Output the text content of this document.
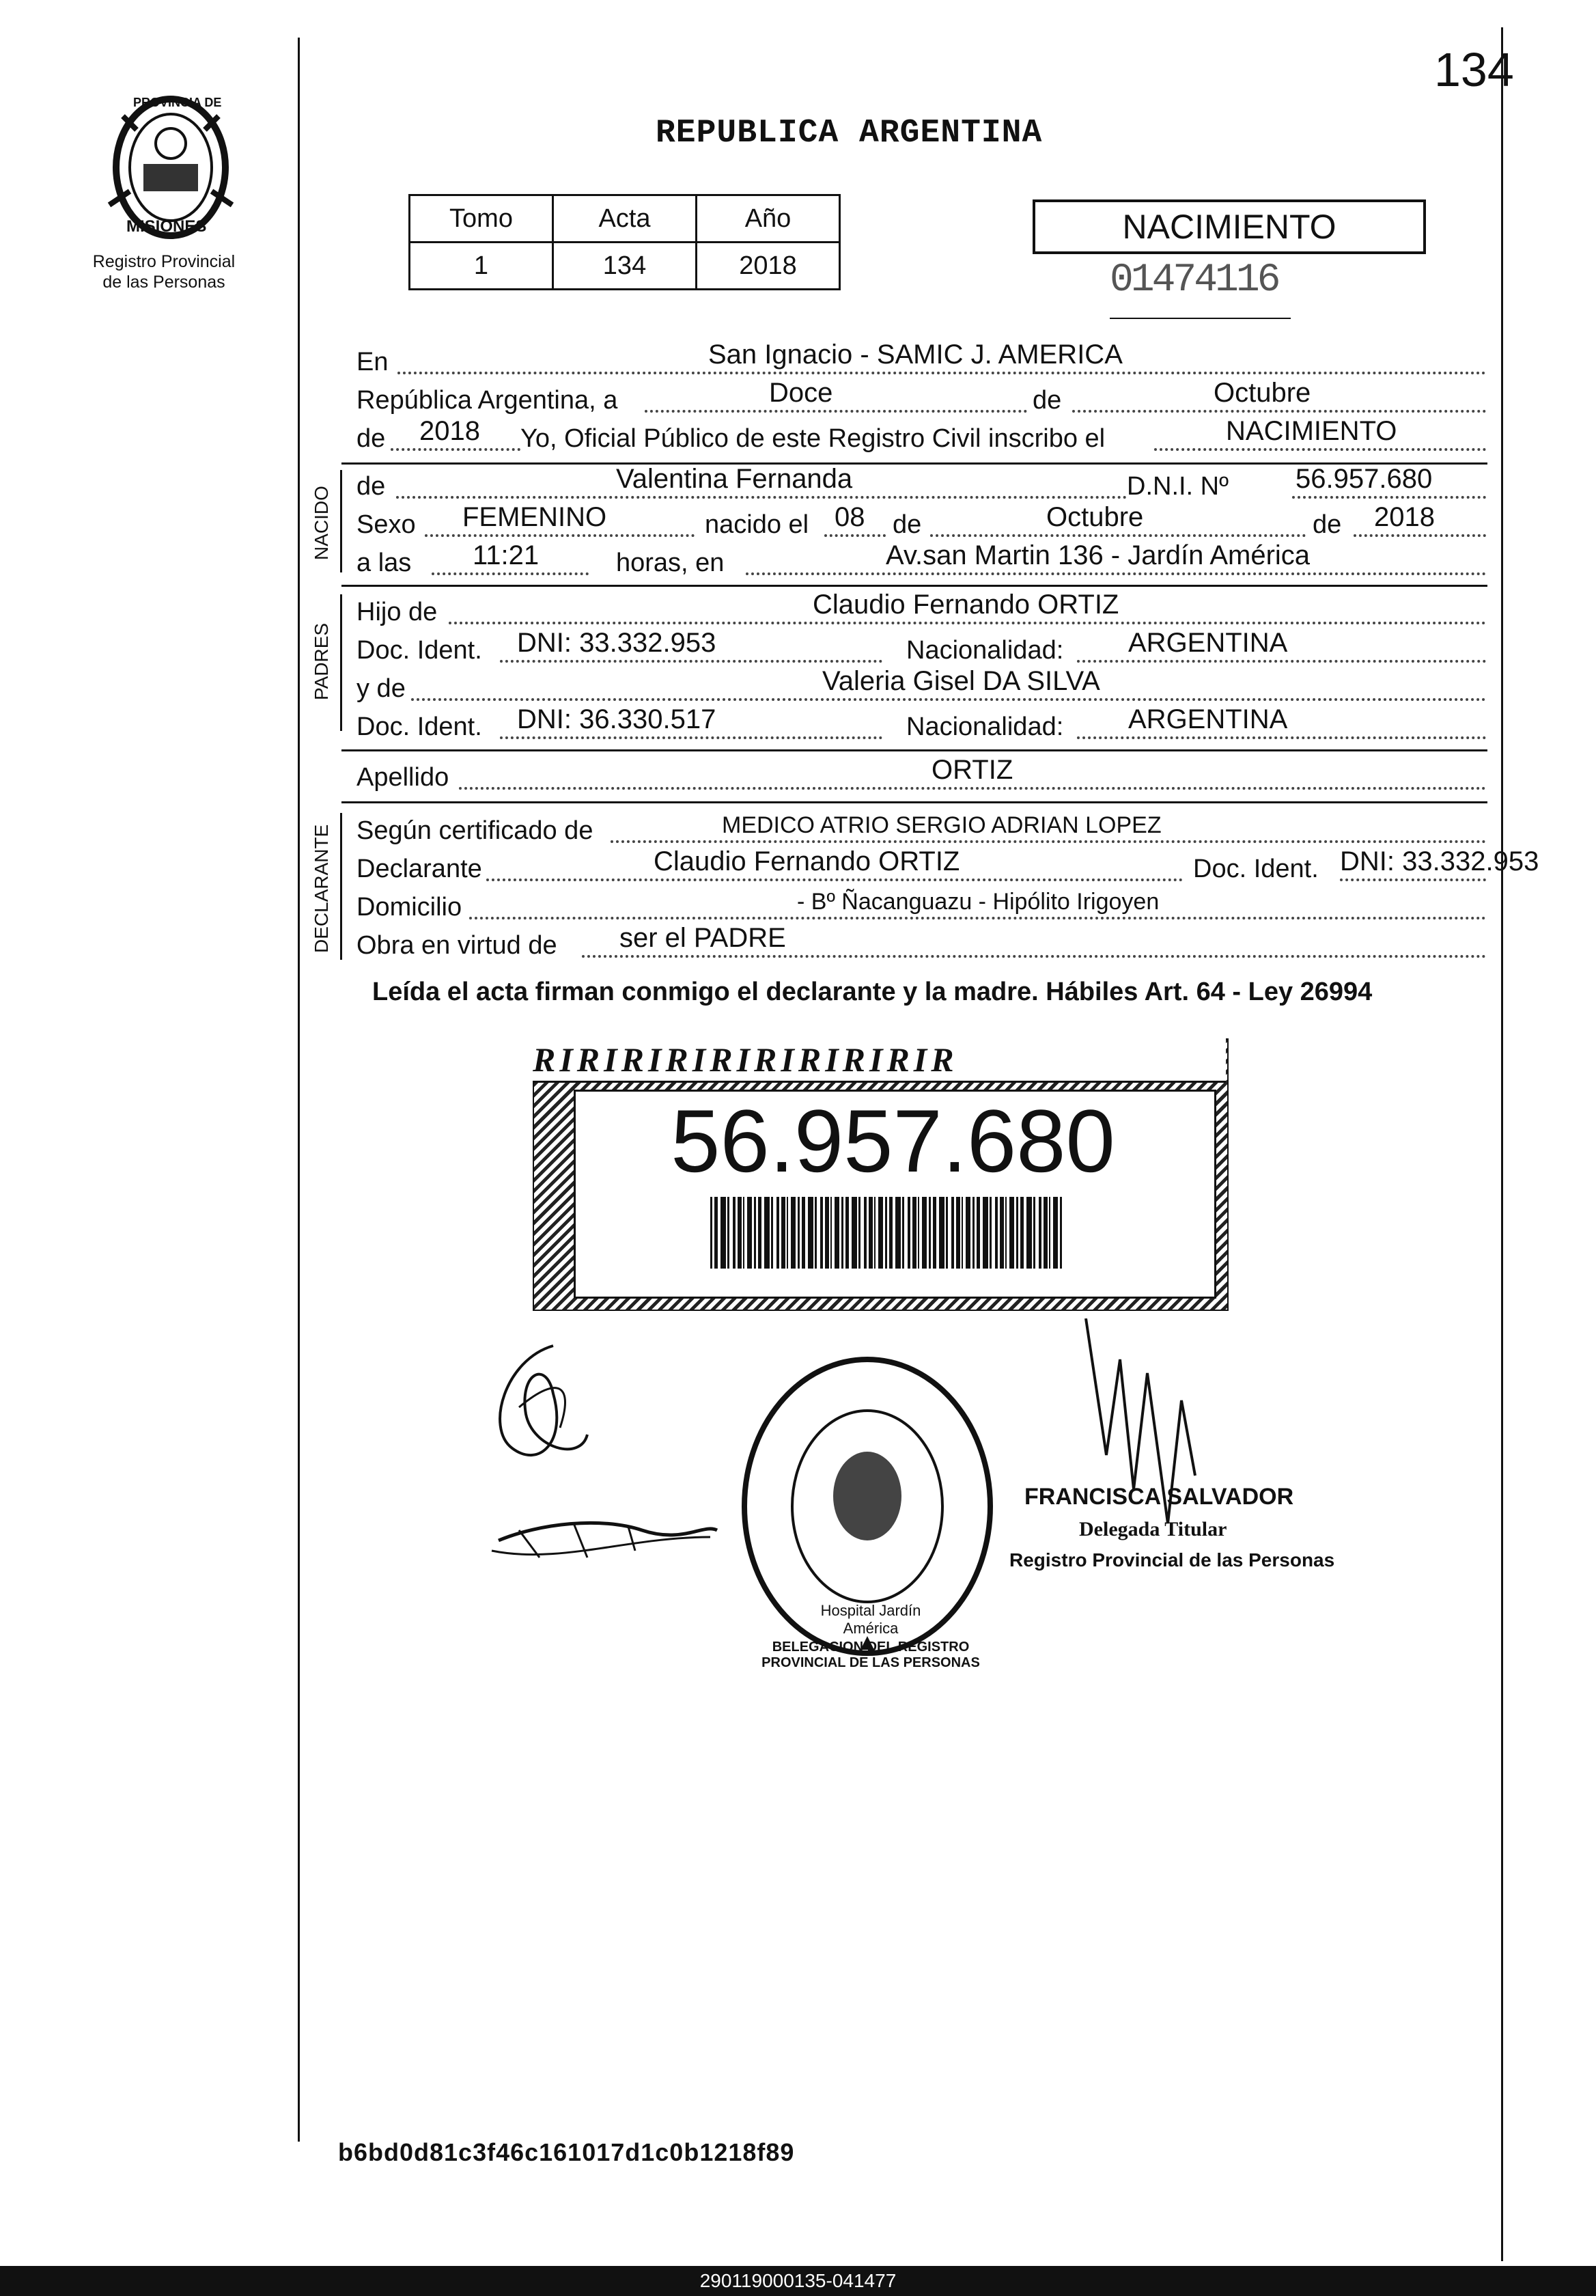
134
PROVINCIA DE
MISIONES
Registro Provincial
de las Personas
REPUBLICA ARGENTINA
Tomo	Acta	Año
1	134	2018
NACIMIENTO
01474116
En	San Ignacio - SAMIC J. AMERICA
República Argentina, a	Doce	de	Octubre
de 2018 Yo, Oficial Público de este Registro Civil inscribo el	NACIMIENTO
NACIDO de	Valentina Fernanda	D.N.I. Nº 56.957.680
Sexo FEMENINO	nacido el 08 de	Octubre	de 2018
a las 11:21	horas, en	Av.san Martin 136 - Jardín América
PADRES
Hijo de	Claudio Fernando ORTIZ
Doc. Ident. DNI: 33.332.953	Nacionalidad: ARGENTINA
y de	Valeria Gisel DA SILVA
Doc. Ident. DNI: 36.330.517	Nacionalidad: ARGENTINA
Apellido	ORTIZ
DECLARANTE Según certificado de	MEDICO ATRIO SERGIO ADRIAN LOPEZ
Declarante	Claudio Fernando ORTIZ	Doc. Ident. DNI: 33.332.953
Domicilio	- Bº Ñacanguazu - Hipólito Irigoyen
Obra en virtud de ser el PADRE
Leída el acta firman conmigo el declarante y la madre. Hábiles Art. 64 - Ley 26994
RIRIRIRIRIRIRIRIRIR
56.957.680
BELEGACION DEL REGISTRO PROVINCIAL DE LAS PERSONAS
Hospital Jardín América
FRANCISCA SALVADOR
Delegada Titular
Registro Provincial de las Personas
b6bd0d81c3f46c161017d1c0b1218f89
290119000135-041477
